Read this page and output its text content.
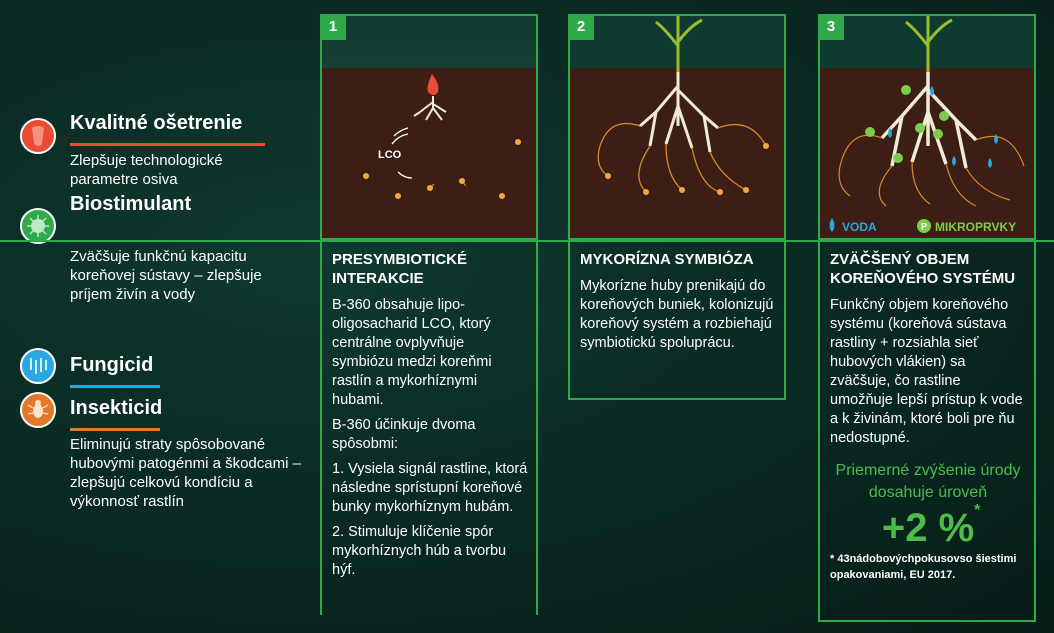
Kvalitné ošetrenie
Zlepšuje technologické parametre osiva
Biostimulant
Zväčšuje funkčnú kapacitu koreňovej sústavy – zlepšuje príjem živín a vody
Fungicid
Insekticid
Eliminujú straty spôsobované hubovými patogénmi a škodcami – zlepšujú celkovú kondíciu a výkonnosť rastlín
LCO
1

PRESYMBIOTICKÉ INTERAKCIE

B-360 obsahuje lipo-oligosacharid LCO, ktorý centrálne ovplyvňuje symbiózu medzi koreňmi rastlín a mykorhíznymi hubami.

B-360 účinkuje dvoma spôsobmi:

1. Vysiela signál rastline, ktorá následne sprístupní koreňové bunky mykorhíznym hubám.

2. Stimuluje klíčenie spór mykorhíznych húb a tvorbu hýf.

2

MYKORÍZNA SYMBIÓZA

Mykorízne huby prenikajú do koreňových buniek, kolonizujú koreňový systém a rozbiehajú symbiotickú spoluprácu.

P
VODA	MIKROPRVKY
3

ZVÄČŠENÝ OBJEM KOREŇOVÉHO SYSTÉMU

Funkčný objem koreňového systému (koreňová sústava rastliny + rozsiahla sieť hubových vlákien) sa zväčšuje, čo rastline umožňuje lepší prístup k vode a k živinám, ktoré boli pre ňu nedostupné.

Priemerné zvýšenie úrody dosahuje úroveň
+2 % *
* 43nádobovýchpokusovso šiestimi opakovaniami, EU 2017.
